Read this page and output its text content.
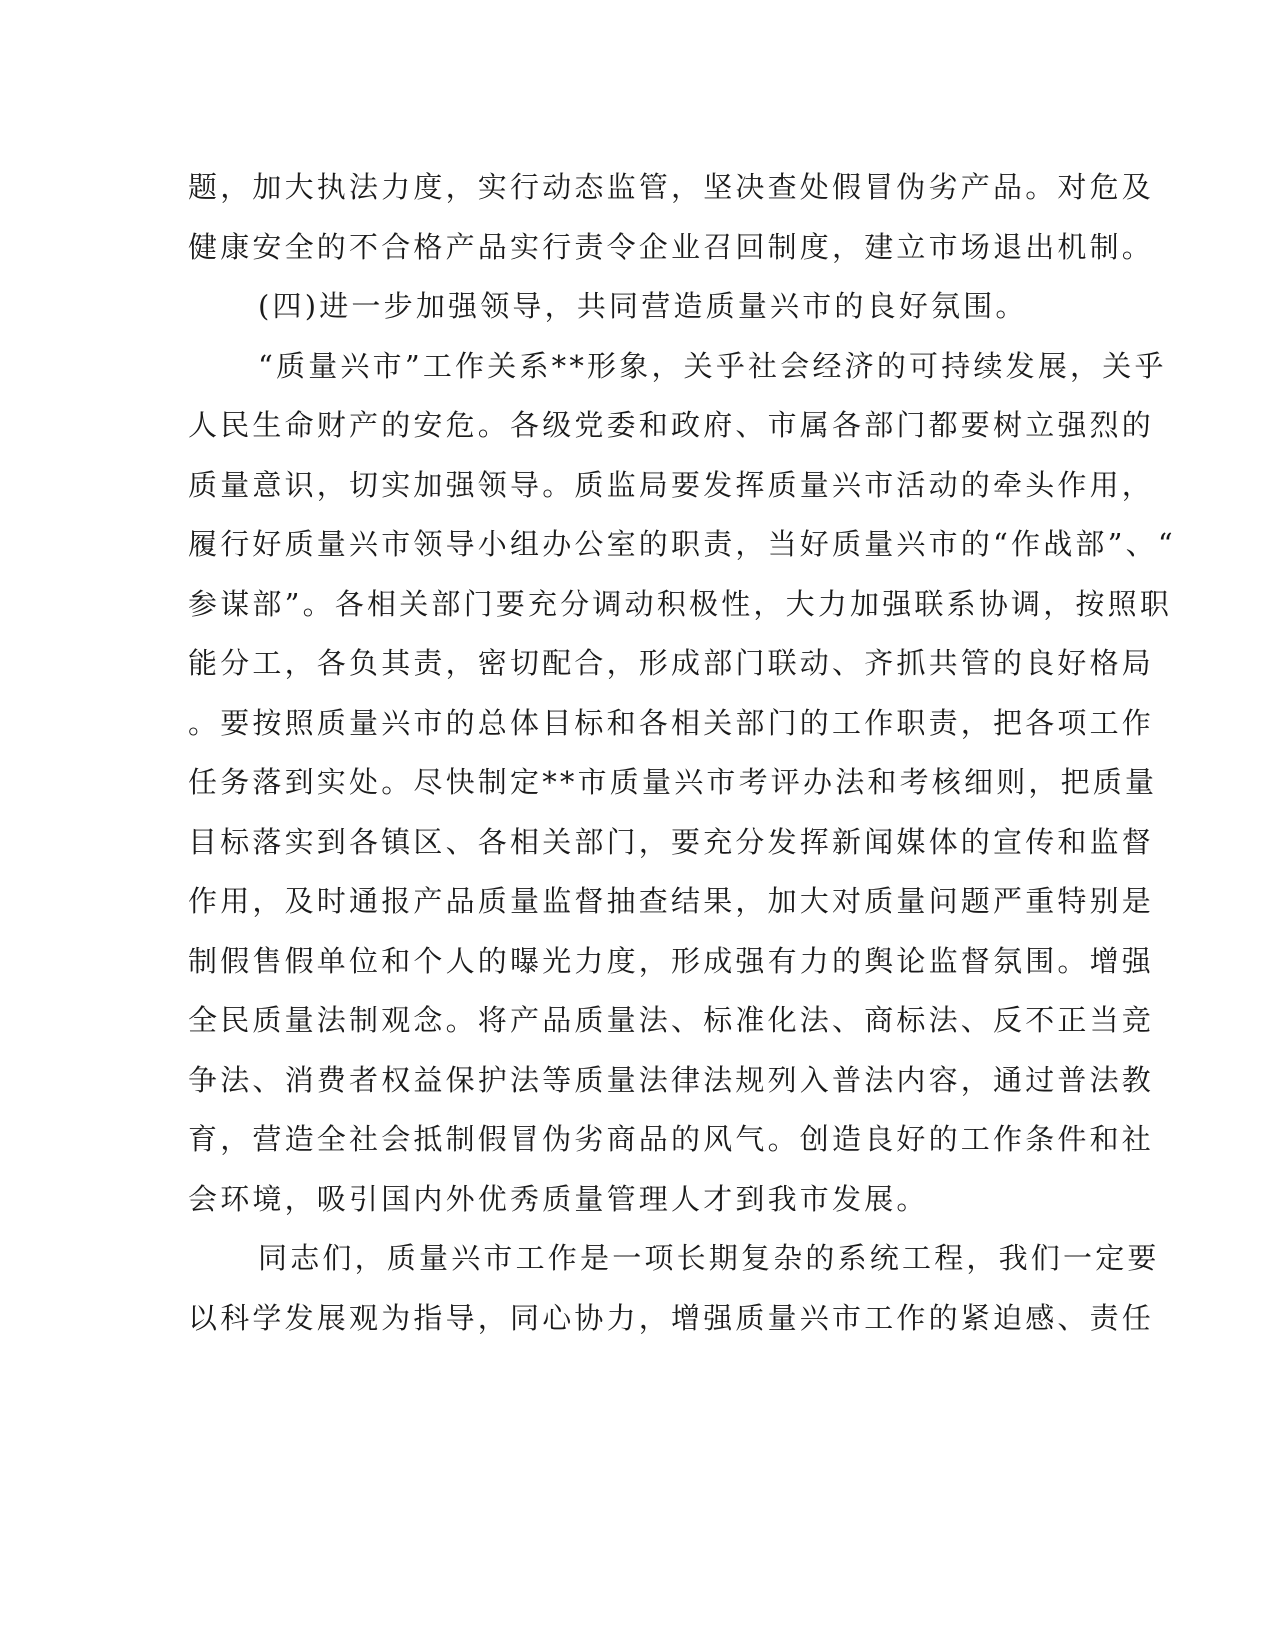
题，加大执法力度，实行动态监管，坚决查处假冒伪劣产品。对危及
健康安全的不合格产品实行责令企业召回制度，建立市场退出机制。
(四)进一步加强领导，共同营造质量兴市的良好氛围。
“质量兴市”工作关系**形象，关乎社会经济的可持续发展，关乎
人民生命财产的安危。各级党委和政府、市属各部门都要树立强烈的
质量意识，切实加强领导。质监局要发挥质量兴市活动的牵头作用，
履行好质量兴市领导小组办公室的职责，当好质量兴市的“作战部”、“
参谋部”。各相关部门要充分调动积极性，大力加强联系协调，按照职
能分工，各负其责，密切配合，形成部门联动、齐抓共管的良好格局
。要按照质量兴市的总体目标和各相关部门的工作职责，把各项工作
任务落到实处。尽快制定**市质量兴市考评办法和考核细则，把质量
目标落实到各镇区、各相关部门，要充分发挥新闻媒体的宣传和监督
作用，及时通报产品质量监督抽查结果，加大对质量问题严重特别是
制假售假单位和个人的曝光力度，形成强有力的舆论监督氛围。增强
全民质量法制观念。将产品质量法、标准化法、商标法、反不正当竞
争法、消费者权益保护法等质量法律法规列入普法内容，通过普法教
育，营造全社会抵制假冒伪劣商品的风气。创造良好的工作条件和社
会环境，吸引国内外优秀质量管理人才到我市发展。
同志们，质量兴市工作是一项长期复杂的系统工程，我们一定要
以科学发展观为指导，同心协力，增强质量兴市工作的紧迫感、责任
